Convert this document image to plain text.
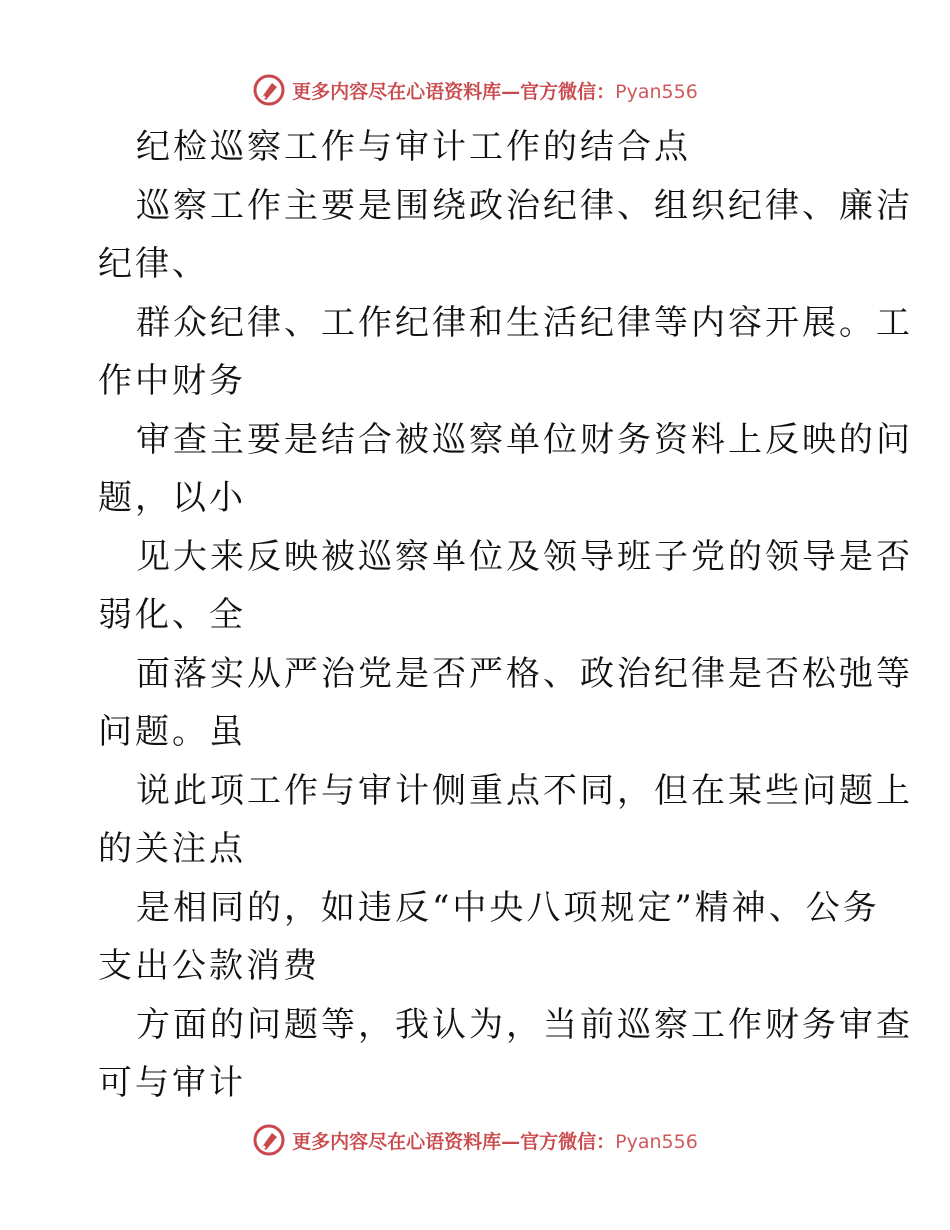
更多内容尽在心语资料库—官方微信：Pyan556
纪检巡察工作与审计工作的结合点
巡察工作主要是围绕政治纪律、组织纪律、廉洁
纪律、
群众纪律、工作纪律和生活纪律等内容开展。工
作中财务
审查主要是结合被巡察单位财务资料上反映的问
题，以小
见大来反映被巡察单位及领导班子党的领导是否
弱化、全
面落实从严治党是否严格、政治纪律是否松弛等
问题。虽
说此项工作与审计侧重点不同，但在某些问题上
的关注点
是相同的，如违反“中央八项规定”精神、公务
支出公款消费
方面的问题等，我认为，当前巡察工作财务审查
可与审计
更多内容尽在心语资料库—官方微信：Pyan556
